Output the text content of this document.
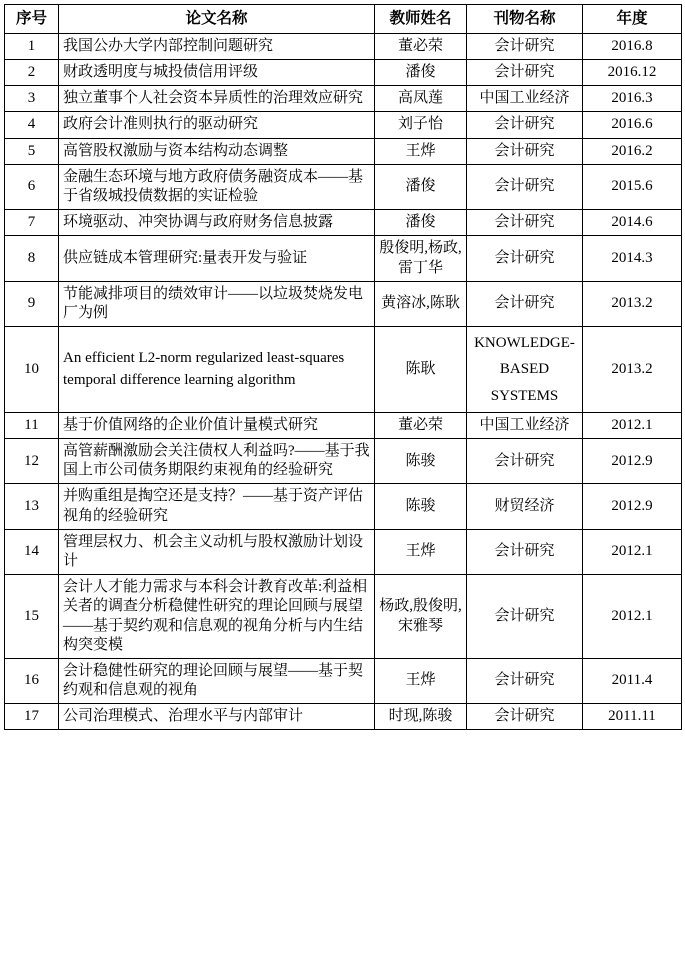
序号	论文名称	教师姓名	刊物名称	年度
1	我国公办大学内部控制问题研究	董必荣	会计研究	2016.8
2	财政透明度与城投债信用评级	潘俊	会计研究	2016.12
3	独立董事个人社会资本异质性的治理效应研究	高凤莲	中国工业经济	2016.3
4	政府会计准则执行的驱动研究	刘子怡	会计研究	2016.6
5	高管股权激励与资本结构动态调整	王烨	会计研究	2016.2
6	金融生态环境与地方政府债务融资成本——基于省级城投债数据的实证检验	潘俊	会计研究	2015.6
7	环境驱动、冲突协调与政府财务信息披露	潘俊	会计研究	2014.6
8	供应链成本管理研究:量表开发与验证	殷俊明,杨政,雷丁华	会计研究	2014.3
9	节能减排项目的绩效审计——以垃圾焚烧发电厂为例	黄溶冰,陈耿	会计研究	2013.2
10	An efficient L2-norm regularized least-squares temporal difference learning algorithm	陈耿	KNOWLEDGE-BASED SYSTEMS	2013.2
11	基于价值网络的企业价值计量模式研究	董必荣	中国工业经济	2012.1
12	高管薪酬激励会关注债权人利益吗?——基于我国上市公司债务期限约束视角的经验研究	陈骏	会计研究	2012.9
13	并购重组是掏空还是支持？——基于资产评估视角的经验研究	陈骏	财贸经济	2012.9
14	管理层权力、机会主义动机与股权激励计划设计	王烨	会计研究	2012.1
15	会计人才能力需求与本科会计教育改革:利益相关者的调查分析稳健性研究的理论回顾与展望——基于契约观和信息观的视角分析与内生结构突变模	杨政,殷俊明,宋雅琴	会计研究	2012.1
16	会计稳健性研究的理论回顾与展望——基于契约观和信息观的视角	王烨	会计研究	2011.4
17	公司治理模式、治理水平与内部审计	时现,陈骏	会计研究	2011.11
